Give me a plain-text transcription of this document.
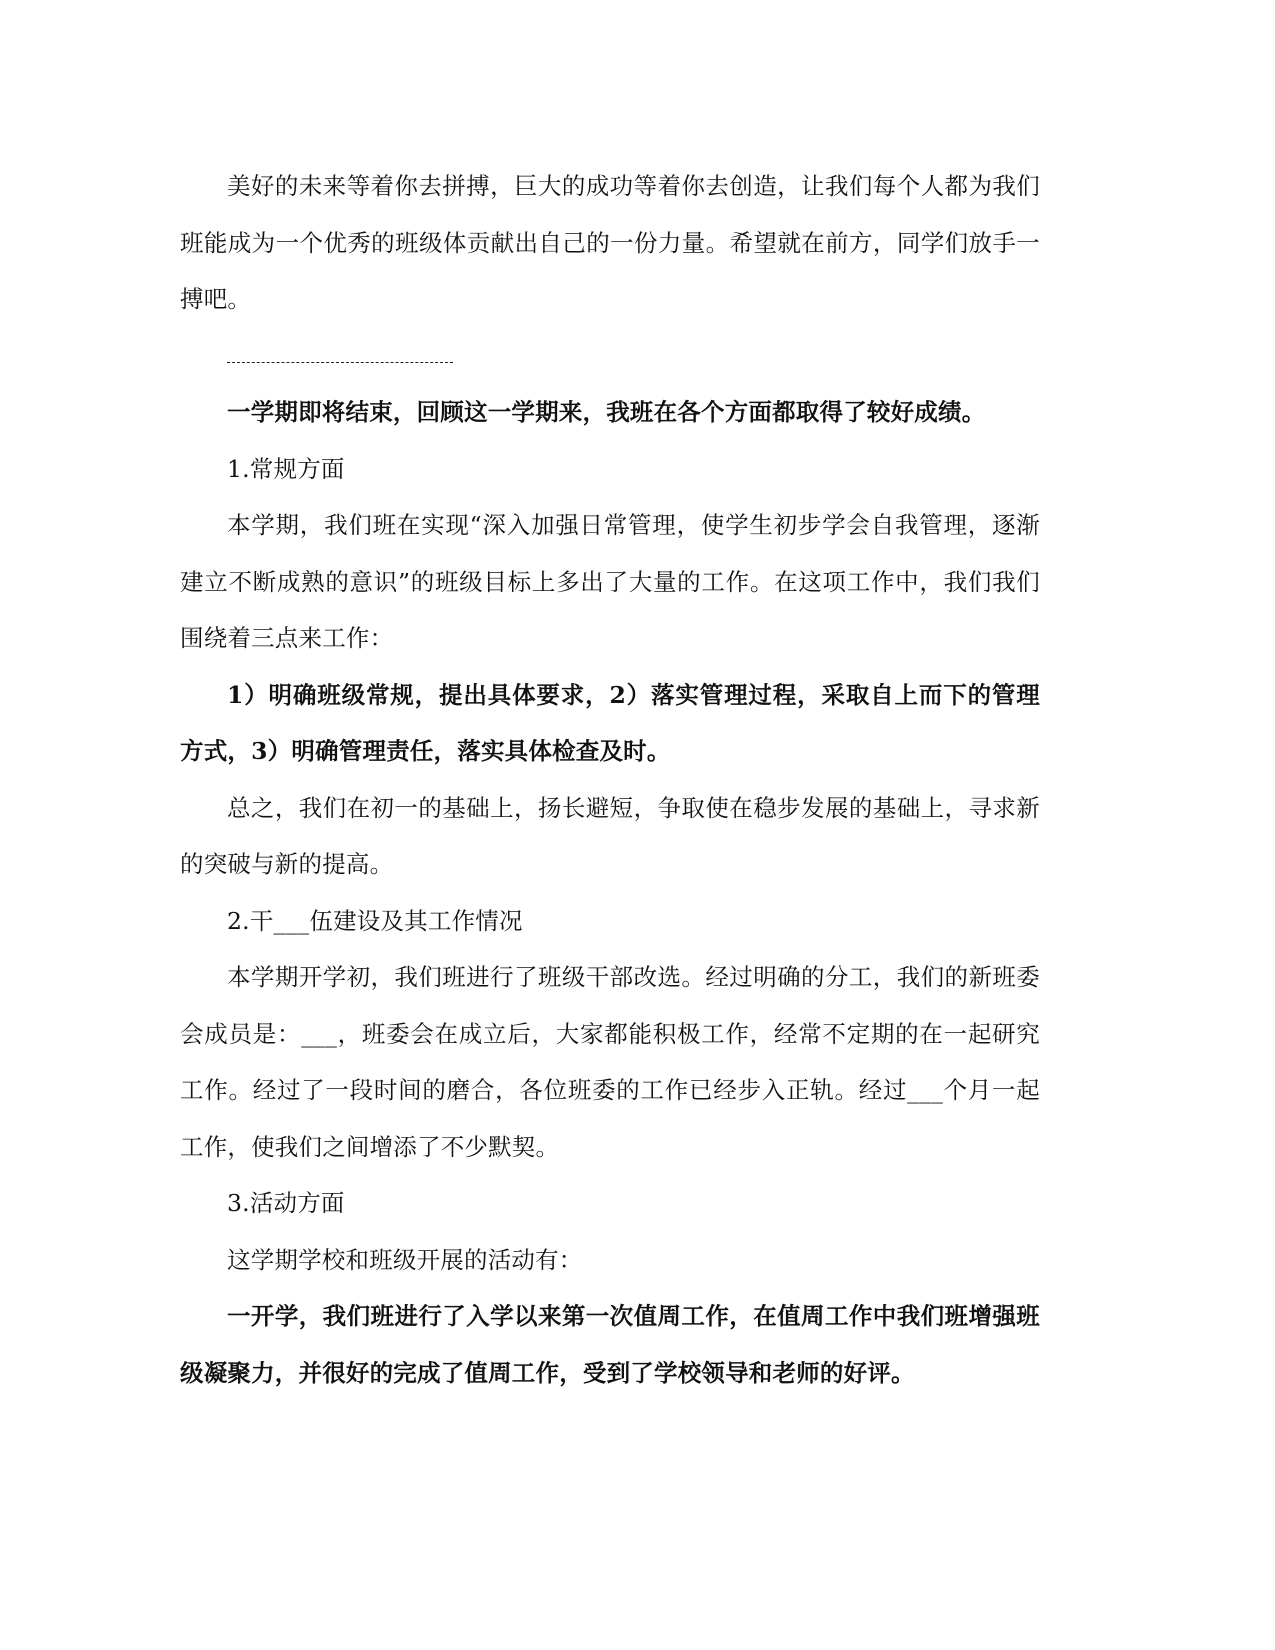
美好的未来等着你去拼搏，巨大的成功等着你去创造，让我们每个人都为我们班能成为一个优秀的班级体贡献出自己的一份力量。希望就在前方，同学们放手一搏吧。

一学期即将结束，回顾这一学期来，我班在各个方面都取得了较好成绩。

1.常规方面

本学期，我们班在实现“深入加强日常管理，使学生初步学会自我管理，逐渐建立不断成熟的意识”的班级目标上多出了大量的工作。在这项工作中，我们我们围绕着三点来工作：

1）明确班级常规，提出具体要求，2）落实管理过程，采取自上而下的管理方式，3）明确管理责任，落实具体检查及时。

总之，我们在初一的基础上，扬长避短，争取使在稳步发展的基础上，寻求新的突破与新的提高。

2.干___伍建设及其工作情况

本学期开学初，我们班进行了班级干部改选。经过明确的分工，我们的新班委会成员是：___，班委会在成立后，大家都能积极工作，经常不定期的在一起研究工作。经过了一段时间的磨合，各位班委的工作已经步入正轨。经过___个月一起工作，使我们之间增添了不少默契。

3.活动方面

这学期学校和班级开展的活动有：

一开学，我们班进行了入学以来第一次值周工作，在值周工作中我们班增强班级凝聚力，并很好的完成了值周工作，受到了学校领导和老师的好评。
